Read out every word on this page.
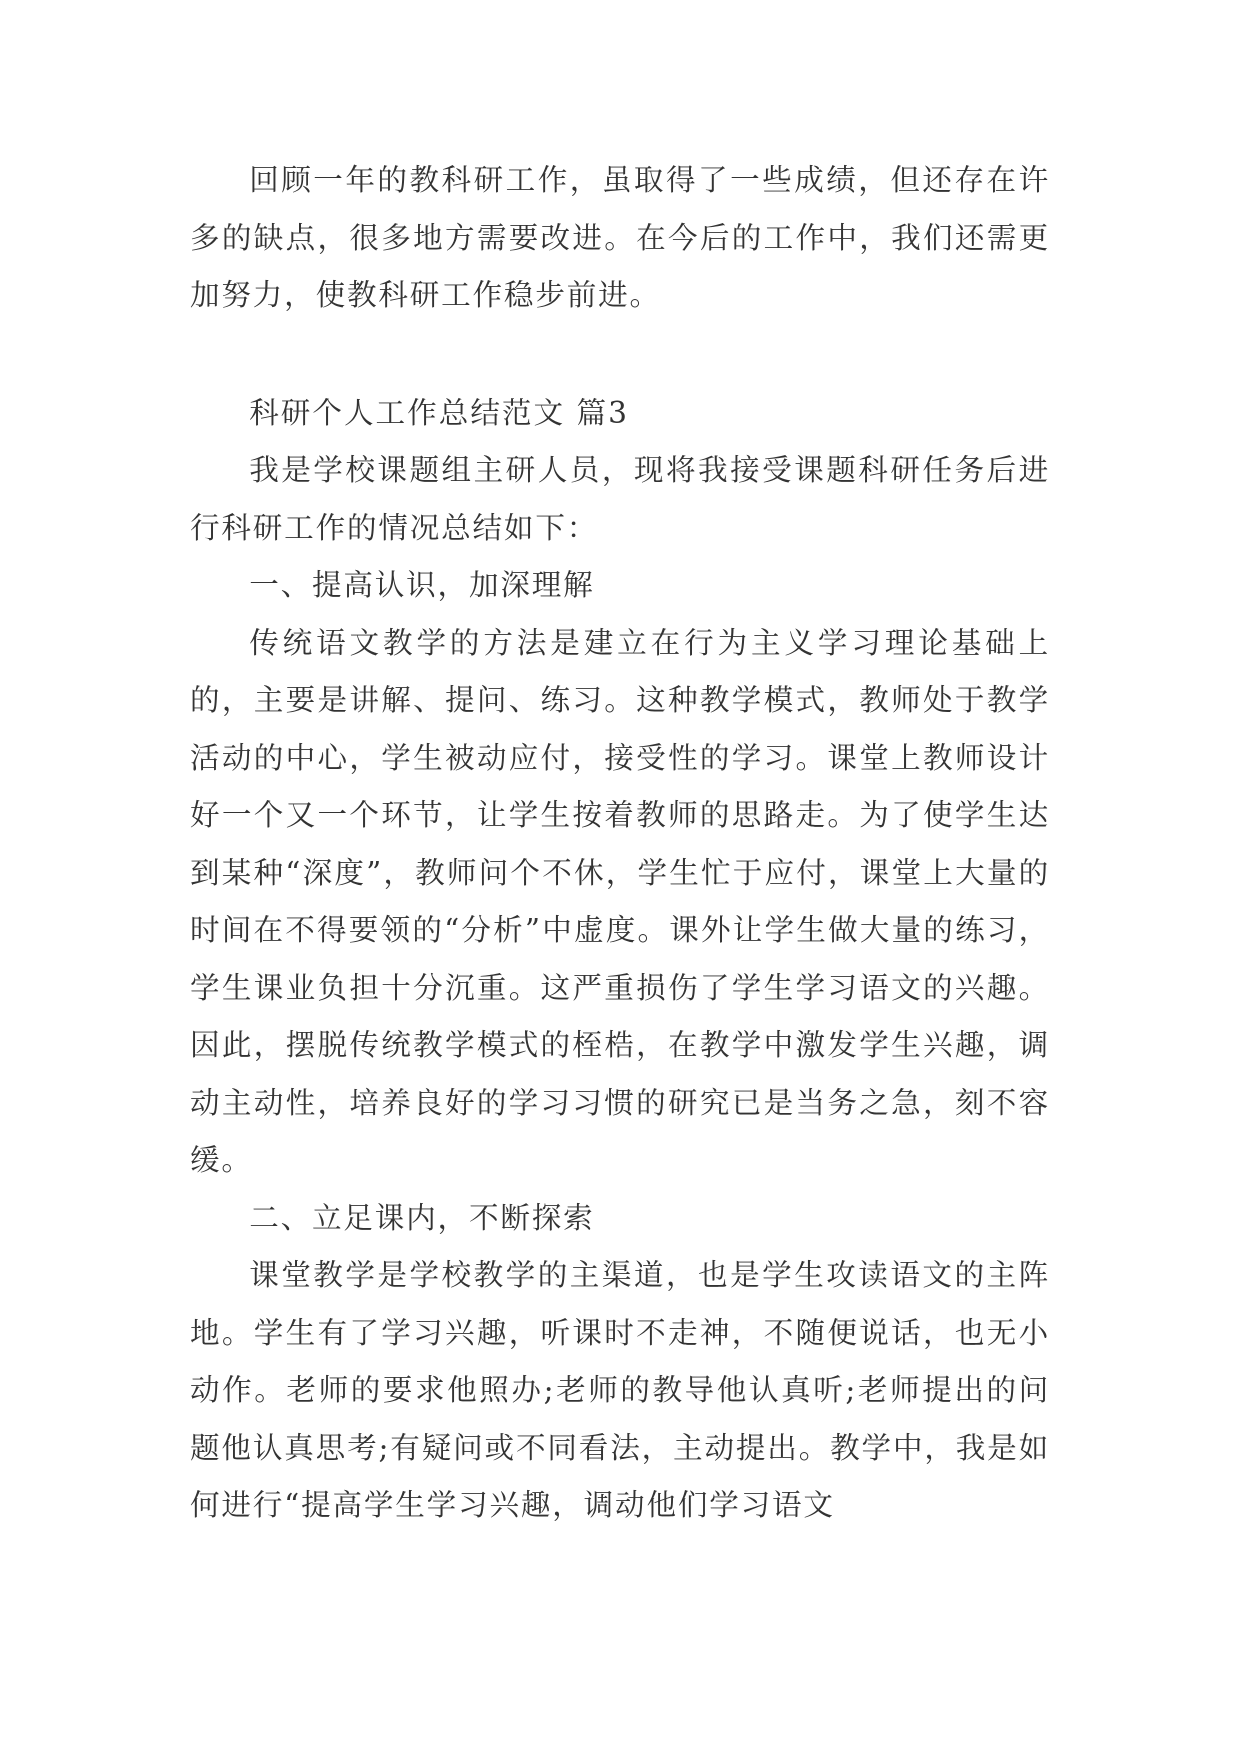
回顾一年的教科研工作，虽取得了一些成绩，但还存在许多的缺点，很多地方需要改进。在今后的工作中，我们还需更加努力，使教科研工作稳步前进。

科研个人工作总结范文 篇3

我是学校课题组主研人员，现将我接受课题科研任务后进行科研工作的情况总结如下：

一、提高认识，加深理解

传统语文教学的方法是建立在行为主义学习理论基础上的，主要是讲解、提问、练习。这种教学模式，教师处于教学活动的中心，学生被动应付，接受性的学习。课堂上教师设计好一个又一个环节，让学生按着教师的思路走。为了使学生达到某种“深度”，教师问个不休，学生忙于应付，课堂上大量的时间在不得要领的“分析”中虚度。课外让学生做大量的练习，学生课业负担十分沉重。这严重损伤了学生学习语文的兴趣。因此，摆脱传统教学模式的桎梏，在教学中激发学生兴趣，调动主动性，培养良好的学习习惯的研究已是当务之急，刻不容缓。

二、立足课内，不断探索

课堂教学是学校教学的主渠道，也是学生攻读语文的主阵地。学生有了学习兴趣，听课时不走神，不随便说话，也无小动作。老师的要求他照办;老师的教导他认真听;老师提出的问题他认真思考;有疑问或不同看法，主动提出。教学中，我是如何进行“提高学生学习兴趣，调动他们学习语文
